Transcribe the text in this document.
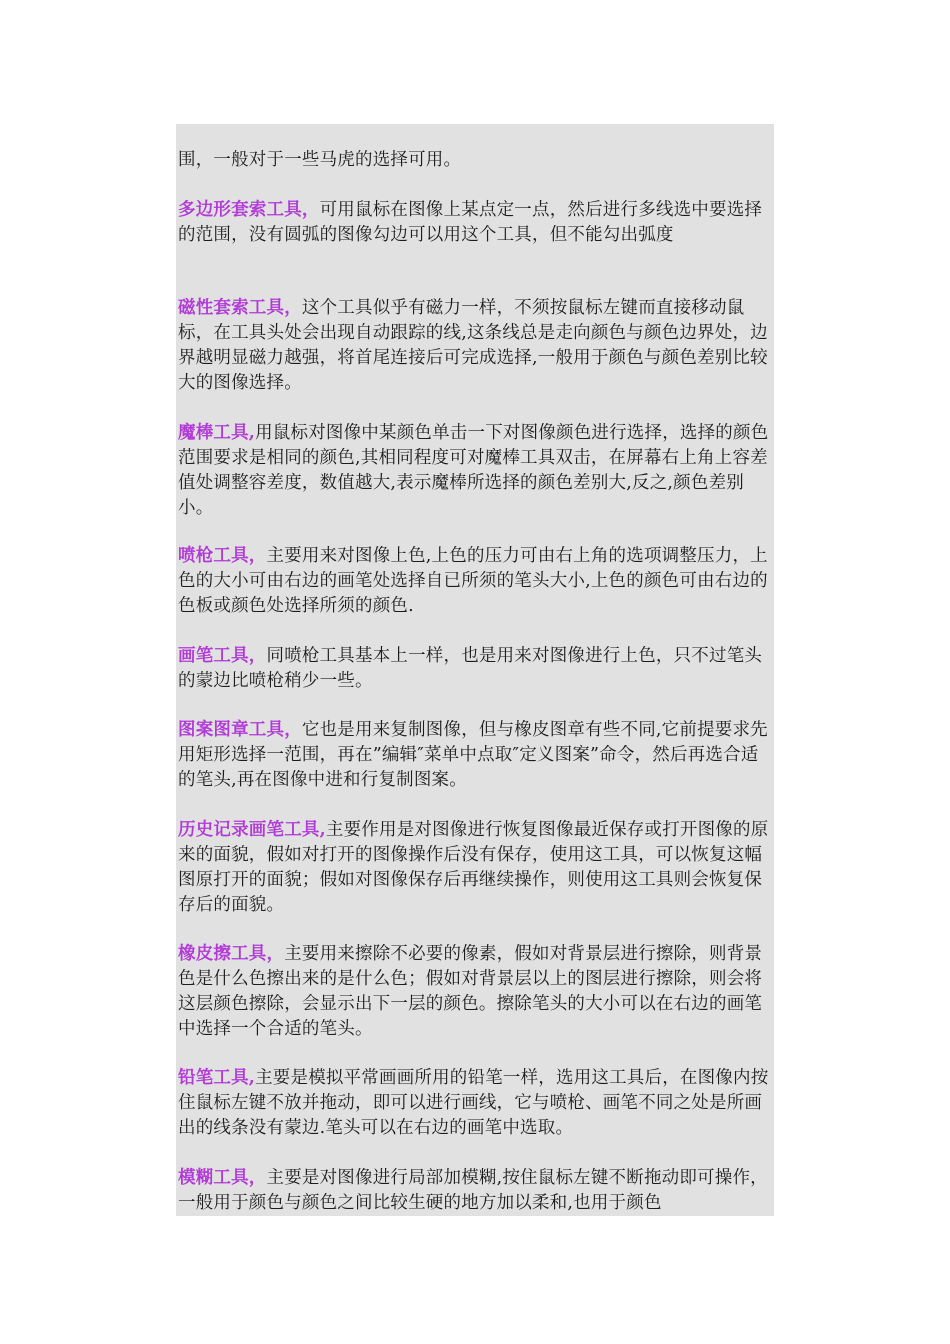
围，一般对于一些马虎的选择可用。

多边形套索工具，可用鼠标在图像上某点定一点，然后进行多线选中要选择的范围，没有圆弧的图像勾边可以用这个工具，但不能勾出弧度

磁性套索工具，这个工具似乎有磁力一样，不须按鼠标左键而直接移动鼠标，在工具头处会出现自动跟踪的线,这条线总是走向颜色与颜色边界处，边界越明显磁力越强，将首尾连接后可完成选择,一般用于颜色与颜色差别比较大的图像选择。

魔棒工具,用鼠标对图像中某颜色单击一下对图像颜色进行选择，选择的颜色范围要求是相同的颜色,其相同程度可对魔棒工具双击，在屏幕右上角上容差值处调整容差度，数值越大,表示魔棒所选择的颜色差别大,反之,颜色差别小。

喷枪工具，主要用来对图像上色,上色的压力可由右上角的选项调整压力，上色的大小可由右边的画笔处选择自已所须的笔头大小,上色的颜色可由右边的色板或颜色处选择所须的颜色.

画笔工具，同喷枪工具基本上一样，也是用来对图像进行上色，只不过笔头的蒙边比喷枪稍少一些。

图案图章工具，它也是用来复制图像，但与橡皮图章有些不同,它前提要求先用矩形选择一范围，再在”编辑″菜单中点取″定义图案”命令，然后再选合适的笔头,再在图像中进和行复制图案。

历史记录画笔工具,主要作用是对图像进行恢复图像最近保存或打开图像的原来的面貌，假如对打开的图像操作后没有保存，使用这工具，可以恢复这幅图原打开的面貌；假如对图像保存后再继续操作，则使用这工具则会恢复保存后的面貌。

橡皮擦工具，主要用来擦除不必要的像素，假如对背景层进行擦除，则背景色是什么色擦出来的是什么色；假如对背景层以上的图层进行擦除，则会将这层颜色擦除，会显示出下一层的颜色。擦除笔头的大小可以在右边的画笔中选择一个合适的笔头。

铅笔工具,主要是模拟平常画画所用的铅笔一样，选用这工具后，在图像内按住鼠标左键不放并拖动，即可以进行画线，它与喷枪、画笔不同之处是所画出的线条没有蒙边.笔头可以在右边的画笔中选取。

模糊工具，主要是对图像进行局部加模糊,按住鼠标左键不断拖动即可操作，一般用于颜色与颜色之间比较生硬的地方加以柔和,也用于颜色
